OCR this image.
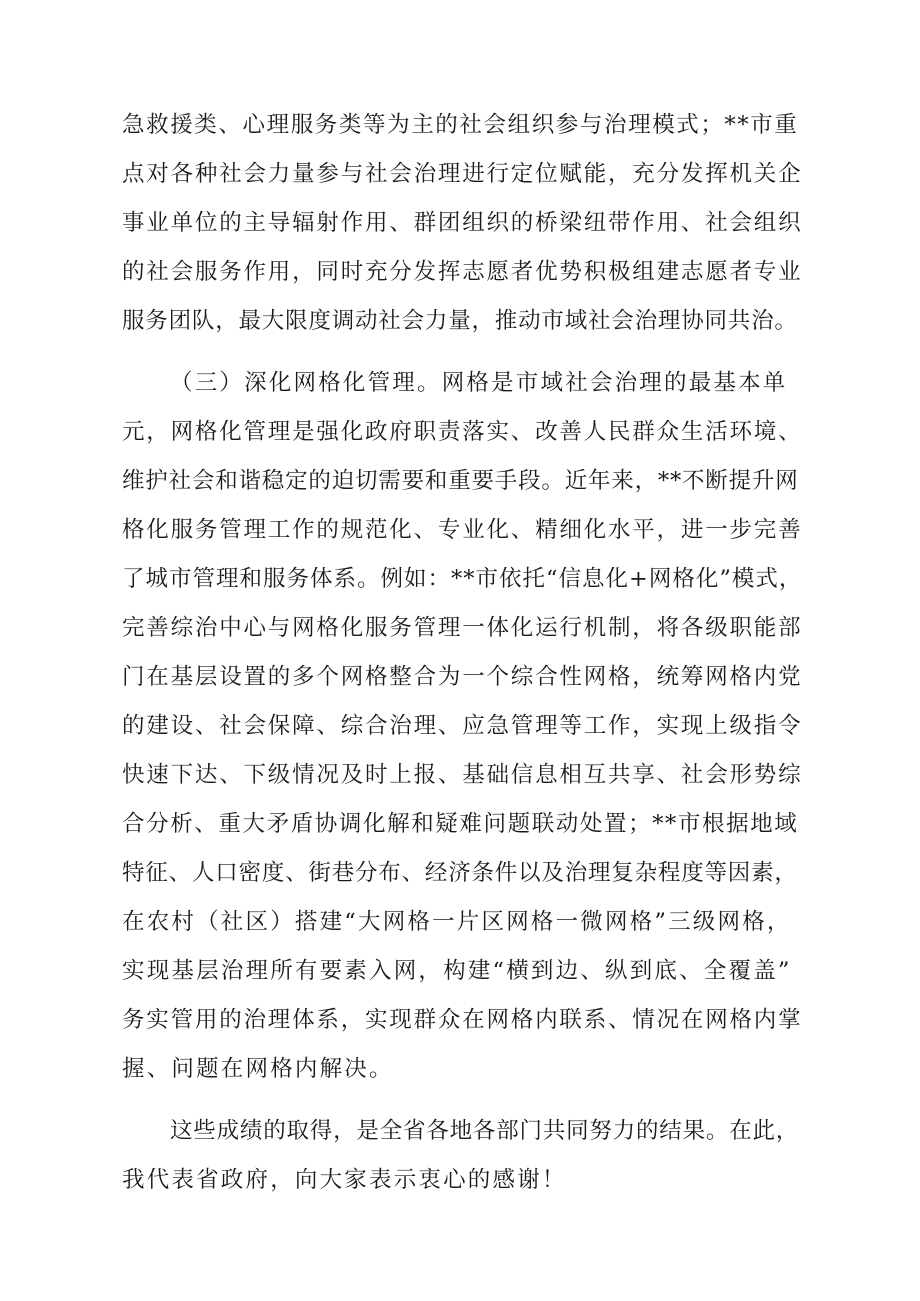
急救援类、心理服务类等为主的社会组织参与治理模式；**市重
点对各种社会力量参与社会治理进行定位赋能，充分发挥机关企
事业单位的主导辐射作用、群团组织的桥梁纽带作用、社会组织
的社会服务作用，同时充分发挥志愿者优势积极组建志愿者专业
服务团队，最大限度调动社会力量，推动市域社会治理协同共治。
（三）深化网格化管理。网格是市域社会治理的最基本单
元，网格化管理是强化政府职责落实、改善人民群众生活环境、
维护社会和谐稳定的迫切需要和重要手段。近年来，**不断提升网
格化服务管理工作的规范化、专业化、精细化水平，进一步完善
了城市管理和服务体系。例如：**市依托“信息化+网格化”模式，
完善综治中心与网格化服务管理一体化运行机制，将各级职能部
门在基层设置的多个网格整合为一个综合性网格，统筹网格内党
的建设、社会保障、综合治理、应急管理等工作，实现上级指令
快速下达、下级情况及时上报、基础信息相互共享、社会形势综
合分析、重大矛盾协调化解和疑难问题联动处置；**市根据地域
特征、人口密度、街巷分布、经济条件以及治理复杂程度等因素，
在农村（社区）搭建“大网格一片区网格一微网格”三级网格，
实现基层治理所有要素入网，构建“横到边、纵到底、全覆盖”
务实管用的治理体系，实现群众在网格内联系、情况在网格内掌
握、问题在网格内解决。
这些成绩的取得，是全省各地各部门共同努力的结果。在此，
我代表省政府，向大家表示衷心的感谢！
